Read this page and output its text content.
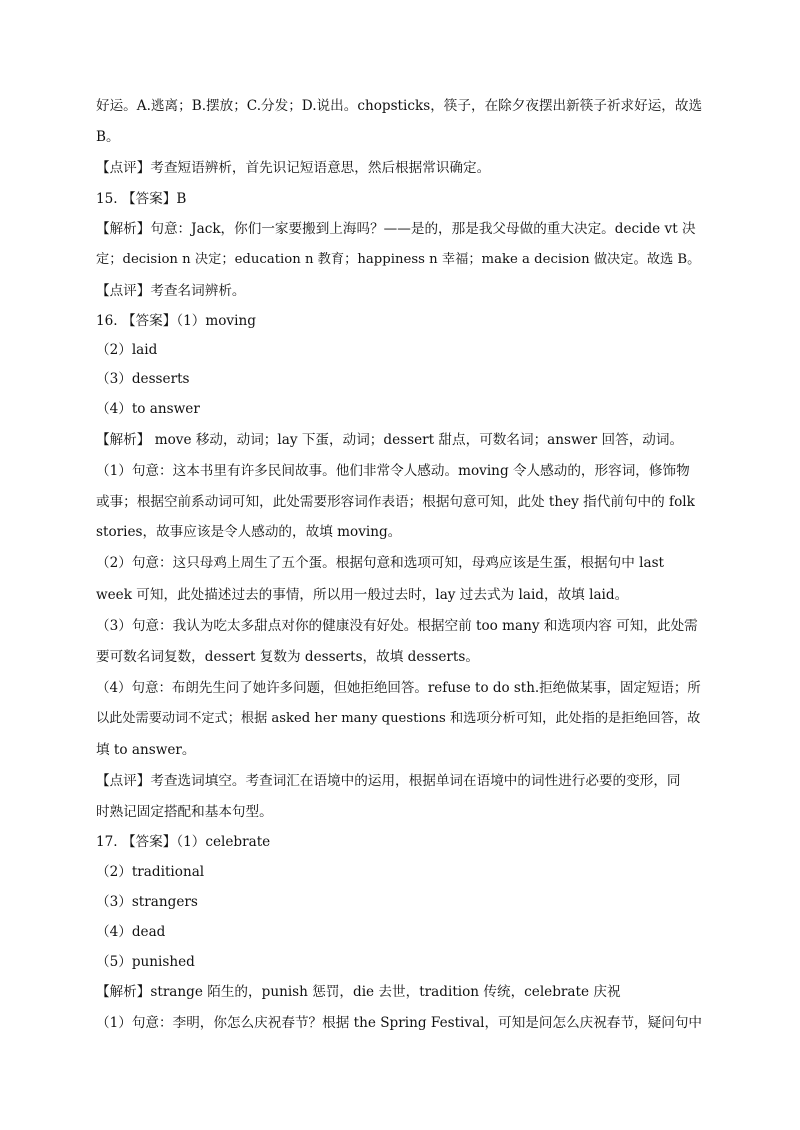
好运。A.逃离；B.摆放；C.分发；D.说出。chopsticks，筷子，在除夕夜摆出新筷子祈求好运，故选
B。
【点评】考查短语辨析，首先识记短语意思，然后根据常识确定。
15. 【答案】B
【解析】句意：Jack，你们一家要搬到上海吗？——是的，那是我父母做的重大决定。decide vt 决
定；decision n 决定；education n 教育；happiness n 幸福；make a decision 做决定。故选 B。
【点评】考查名词辨析。
16. 【答案】（1）moving
（2）laid
（3）desserts
（4）to answer
【解析】 move 移动，动词；lay 下蛋，动词；dessert 甜点，可数名词；answer 回答，动词。
（1）句意：这本书里有许多民间故事。他们非常令人感动。moving 令人感动的，形容词，修饰物
或事；根据空前系动词可知，此处需要形容词作表语；根据句意可知，此处 they 指代前句中的 folk
stories，故事应该是令人感动的，故填 moving。
（2）句意：这只母鸡上周生了五个蛋。根据句意和选项可知，母鸡应该是生蛋，根据句中 last
week 可知，此处描述过去的事情，所以用一般过去时，lay 过去式为 laid，故填 laid。
（3）句意：我认为吃太多甜点对你的健康没有好处。根据空前 too many 和选项内容 可知，此处需
要可数名词复数，dessert 复数为 desserts，故填 desserts。
（4）句意：布朗先生问了她许多问题，但她拒绝回答。refuse to do sth.拒绝做某事，固定短语；所
以此处需要动词不定式；根据 asked her many questions 和选项分析可知，此处指的是拒绝回答，故
填 to answer。
【点评】考查选词填空。考查词汇在语境中的运用，根据单词在语境中的词性进行必要的变形，同
时熟记固定搭配和基本句型。
17. 【答案】（1）celebrate
（2）traditional
（3）strangers
（4）dead
（5）punished
【解析】strange 陌生的，punish 惩罚，die 去世，tradition 传统，celebrate 庆祝
（1）句意：李明，你怎么庆祝春节？根据 the Spring Festival，可知是问怎么庆祝春节，疑问句中
